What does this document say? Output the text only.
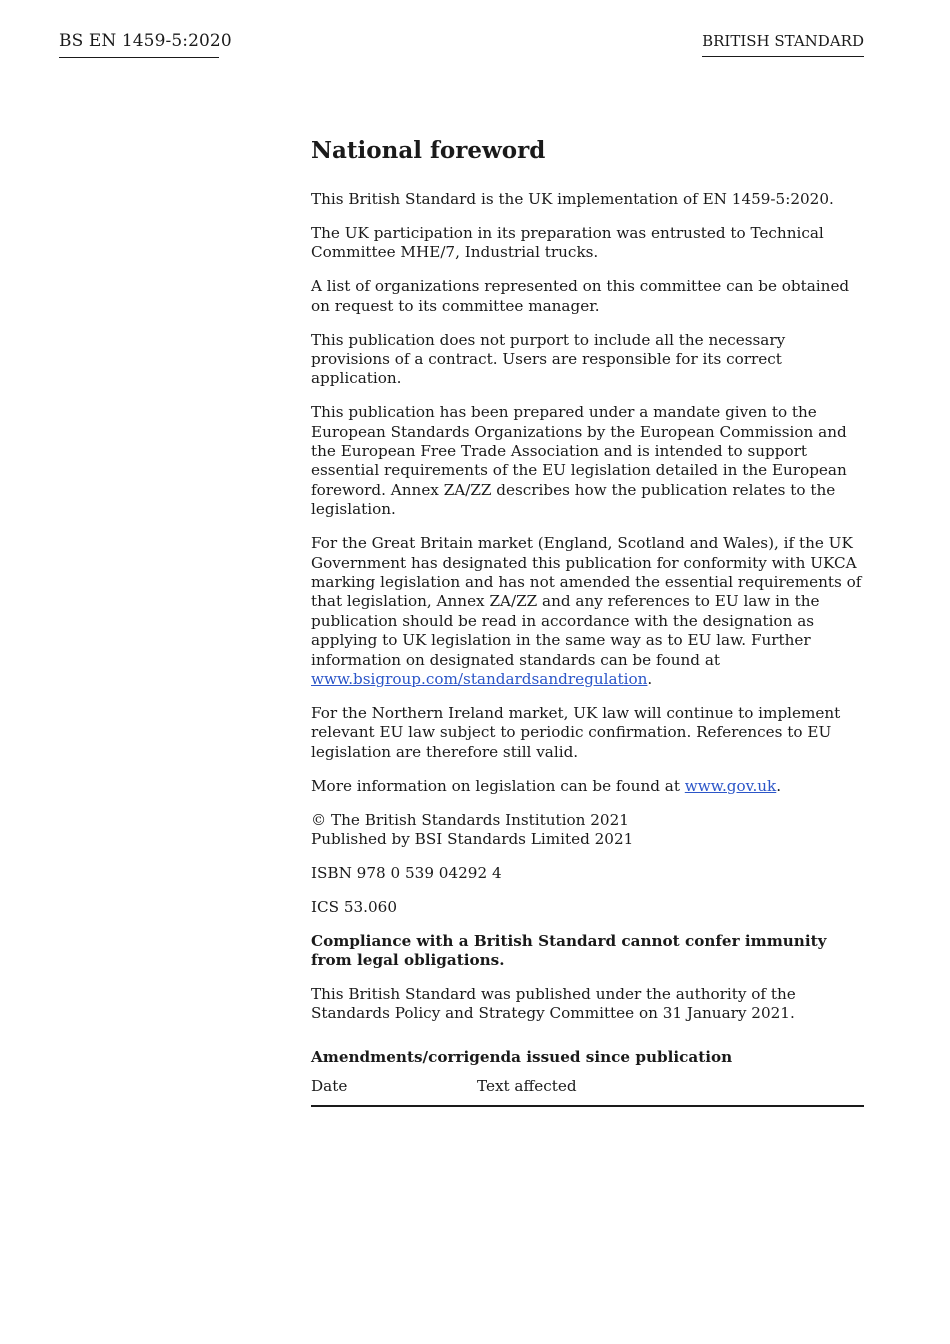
BS EN 1459-5:2020	BRITISH STANDARD
National foreword

This British Standard is the UK implementation of EN 1459-5:2020.

The UK participation in its preparation was entrusted to Technical Committee MHE/7, Industrial trucks.

A list of organizations represented on this committee can be obtained on request to its committee manager.

This publication does not purport to include all the necessary provisions of a contract. Users are responsible for its correct application.

This publication has been prepared under a mandate given to the European Standards Organizations by the European Commission and the European Free Trade Association and is intended to support essential requirements of the EU legislation detailed in the European foreword. Annex ZA/ZZ describes how the publication relates to the legislation.

For the Great Britain market (England, Scotland and Wales), if the UK Government has designated this publication for conformity with UKCA marking legislation and has not amended the essential requirements of that legislation, Annex ZA/ZZ and any references to EU law in the publication should be read in accordance with the designation as applying to UK legislation in the same way as to EU law. Further information on designated standards can be found at www.bsigroup.com/standardsandregulation.

For the Northern Ireland market, UK law will continue to implement relevant EU law subject to periodic confirmation. References to EU legislation are therefore still valid.

More information on legislation can be found at www.gov.uk.

© The British Standards Institution 2021
Published by BSI Standards Limited 2021

ISBN 978 0 539 04292 4

ICS 53.060

Compliance with a British Standard cannot confer immunity from legal obligations.

This British Standard was published under the authority of the Standards Policy and Strategy Committee on 31 January 2021.

Amendments/corrigenda issued since publication
Date	Text affected
